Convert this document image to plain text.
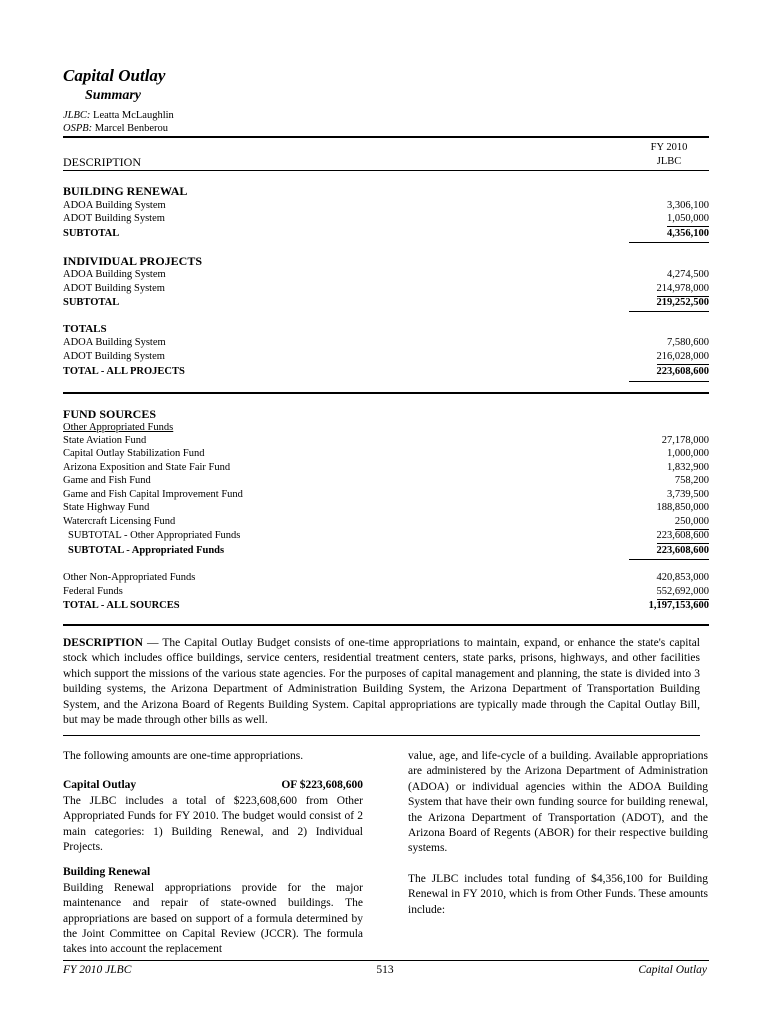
Capital Outlay
Summary
JLBC: Leatta McLaughlin
OSPB: Marcel Benberou
FY 2010
JLBC
DESCRIPTION
BUILDING RENEWAL
ADOA Building System	3,306,100
ADOT Building System	1,050,000
SUBTOTAL	4,356,100
INDIVIDUAL PROJECTS
ADOA Building System	4,274,500
ADOT Building System	214,978,000
SUBTOTAL	219,252,500
TOTALS
ADOA Building System	7,580,600
ADOT Building System	216,028,000
TOTAL - ALL PROJECTS	223,608,600
FUND SOURCES
Other Appropriated Funds
State Aviation Fund	27,178,000
Capital Outlay Stabilization Fund	1,000,000
Arizona Exposition and State Fair Fund	1,832,900
Game and Fish Fund	758,200
Game and Fish Capital Improvement Fund	3,739,500
State Highway Fund	188,850,000
Watercraft Licensing Fund	250,000
SUBTOTAL - Other Appropriated Funds	223,608,600
SUBTOTAL - Appropriated Funds	223,608,600
Other Non-Appropriated Funds	420,853,000
Federal Funds	552,692,000
TOTAL - ALL SOURCES	1,197,153,600
DESCRIPTION — The Capital Outlay Budget consists of one-time appropriations to maintain, expand, or enhance the state's capital stock which includes office buildings, service centers, residential treatment centers, state parks, prisons, highways, and other facilities which support the missions of the various state agencies. For the purposes of capital management and planning, the state is divided into 3 building systems, the Arizona Department of Administration Building System, the Arizona Department of Transportation Building System, and the Arizona Board of Regents Building System. Capital appropriations are typically made through the Capital Outlay Bill, but may be made through other bills as well.

The following amounts are one-time appropriations.

Capital Outlay	OF $223,608,600

The JLBC includes a total of $223,608,600 from Other Appropriated Funds for FY 2010. The budget would consist of 2 main categories: 1) Building Renewal, and 2) Individual Projects.

Building Renewal

Building Renewal appropriations provide for the major maintenance and repair of state-owned buildings. The appropriations are based on support of a formula determined by the Joint Committee on Capital Review (JCCR). The formula takes into account the replacement

value, age, and life-cycle of a building. Available appropriations are administered by the Arizona Department of Administration (ADOA) or individual agencies within the ADOA Building System that have their own funding source for building renewal, the Arizona Department of Transportation (ADOT), and the Arizona Board of Regents (ABOR) for their respective building systems.

The JLBC includes total funding of $4,356,100 for Building Renewal in FY 2010, which is from Other Funds. These amounts include:

FY 2010 JLBC	513	Capital Outlay
